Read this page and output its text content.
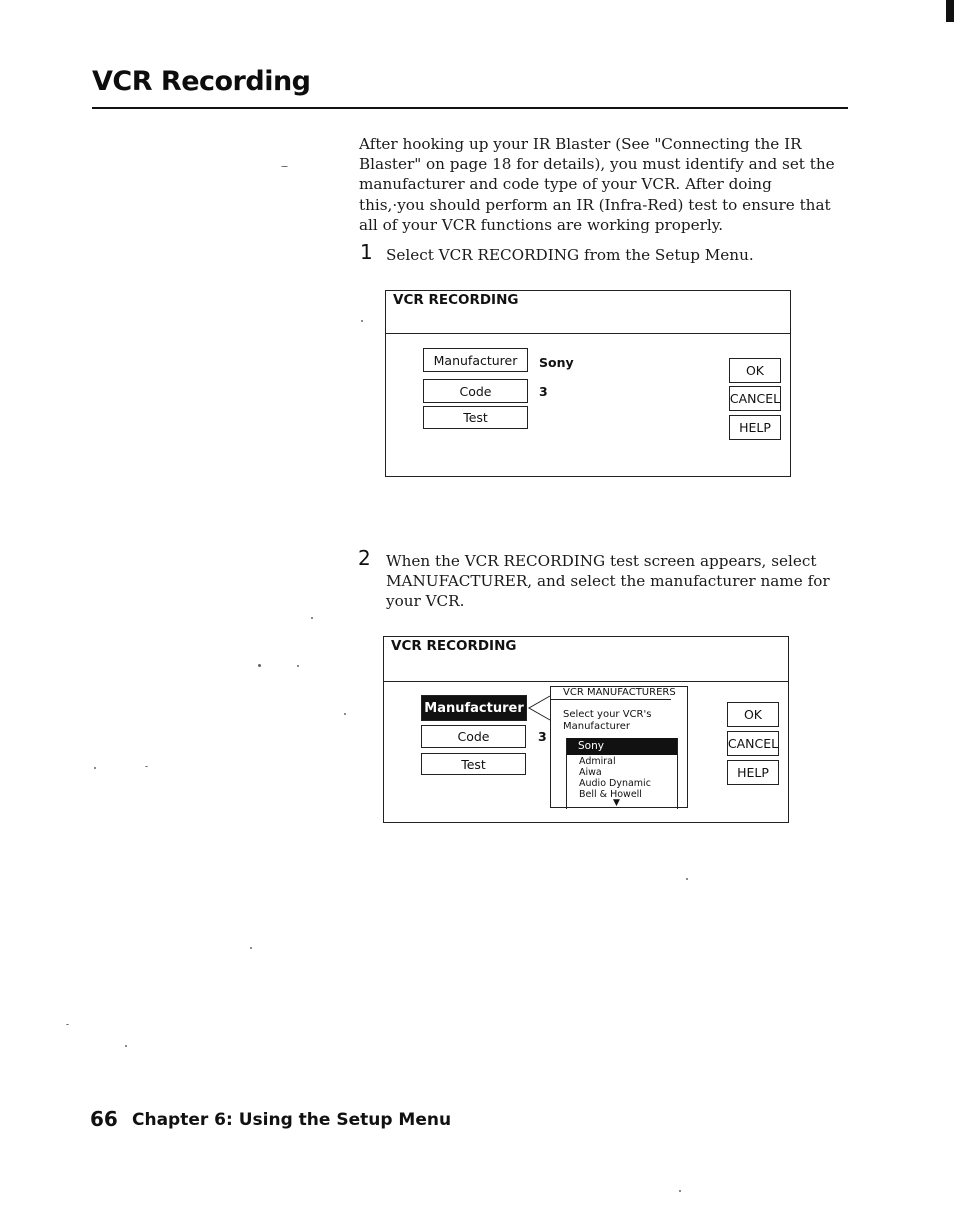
VCR Recording
After hooking up your IR Blaster (See "Connecting the IR Blaster" on page 18 for details), you must identify and set the manufacturer and code type of your VCR. After doing this,·you should perform an IR (Infra-Red) test to ensure that all of your VCR functions are working properly.
1 Select VCR RECORDING from the Setup Menu.
VCR RECORDING
Manufacturer	Sony
Code	3
Test
OK
CANCEL
HELP
2 When the VCR RECORDING test screen appears, select MANUFACTURER, and select the manufacturer name for your VCR.
VCR RECORDING
Manufacturer
Code	3
Test
VCR MANUFACTURERS
Select your VCR's Manufacturer
Sony
Admiral
Aiwa
Audio Dynamic
Bell & Howell
▼
OK
CANCEL
HELP
66 Chapter 6: Using the Setup Menu
